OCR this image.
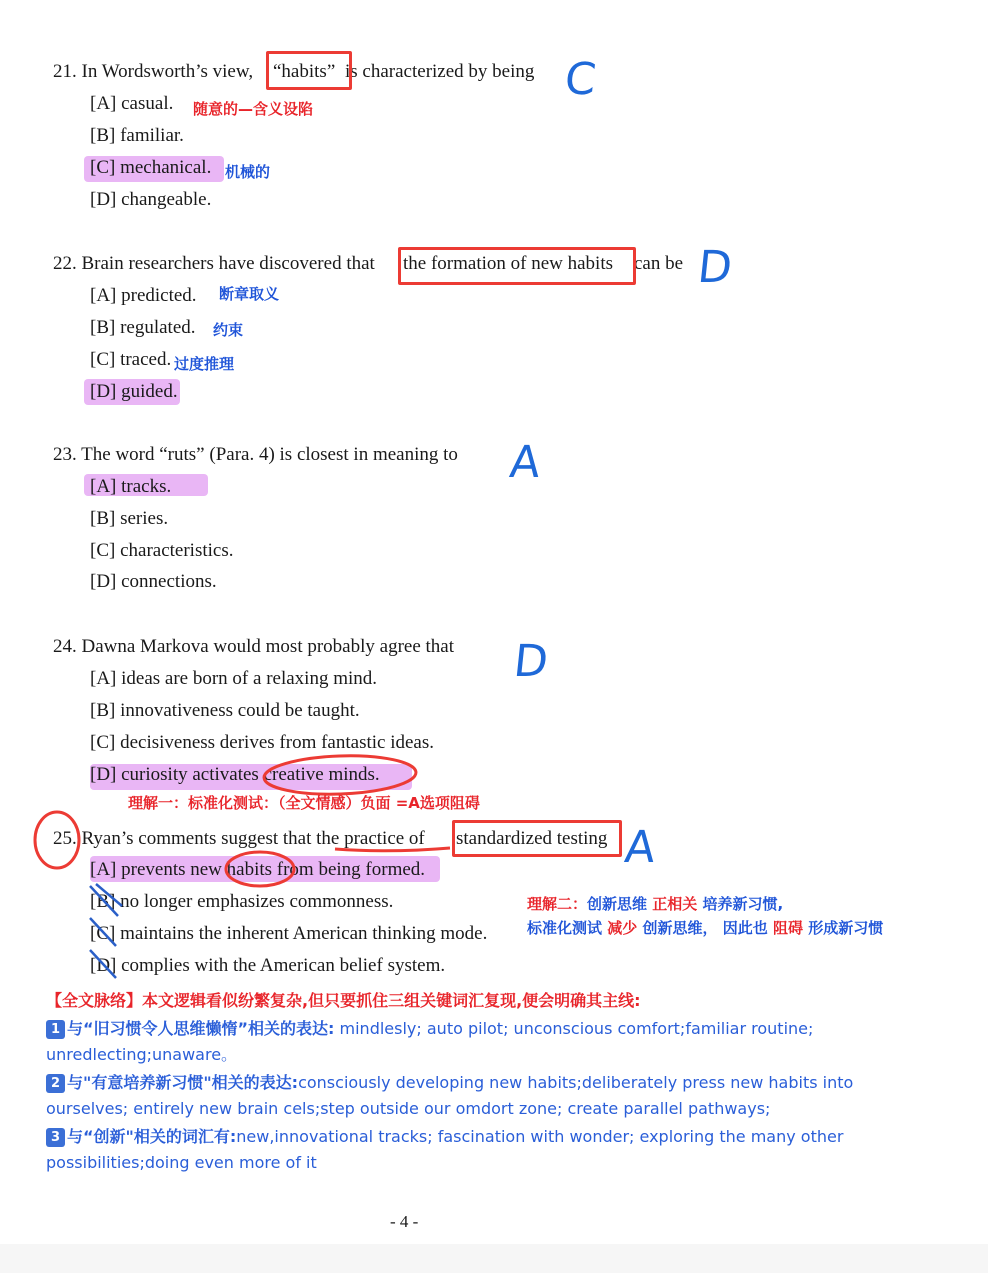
21. In Wordsworth’s view, “habits” is characterized by being C
[A] casual. 随意的—含义设陷
[B] familiar.
[C] mechanical. 机械的
[D] changeable.
22. Brain researchers have discovered that the formation of new habits can be D
[A] predicted. 断章取义
[B] regulated. 约束
[C] traced. 过度推理
[D] guided.
23. The word “ruts” (Para. 4) is closest in meaning to A
[A] tracks.
[B] series.
[C] characteristics.
[D] connections.
24. Dawna Markova would most probably agree that D
[A] ideas are born of a relaxing mind.
[B] innovativeness could be taught.
[C] decisiveness derives from fantastic ideas.
[D] curiosity activates creative minds.
理解一：标准化测试：（全文情感）负面 =A选项阻碍
25. Ryan’s comments suggest that the practice of standardized testing A
[A] prevents new habits from being formed.
[B] no longer emphasizes commonness.
[C] maintains the inherent American thinking mode.
[D] complies with the American belief system.
理解二：创新思维 正相关 培养新习惯,
标准化测试 减少 创新思维， 因此也 阻碍 形成新习惯
【全文脉络】本文逻辑看似纷繁复杂,但只要抓住三组关键词汇复现,便会明确其主线:
1 与“旧习惯令人思维懒惰”相关的表达: mindlesly; auto pilot; unconscious comfort;familiar routine;
unredlecting;unaware。
2 与"有意培养新习惯"相关的表达:consciously developing new habits;deliberately press new habits into
ourselves; entirely new brain cels;step outside our omdort zone; create parallel pathways;
3 与“创新"相关的词汇有:new,innovational tracks; fascination with wonder; exploring the many other
possibilities;doing even more of it
- 4 -
